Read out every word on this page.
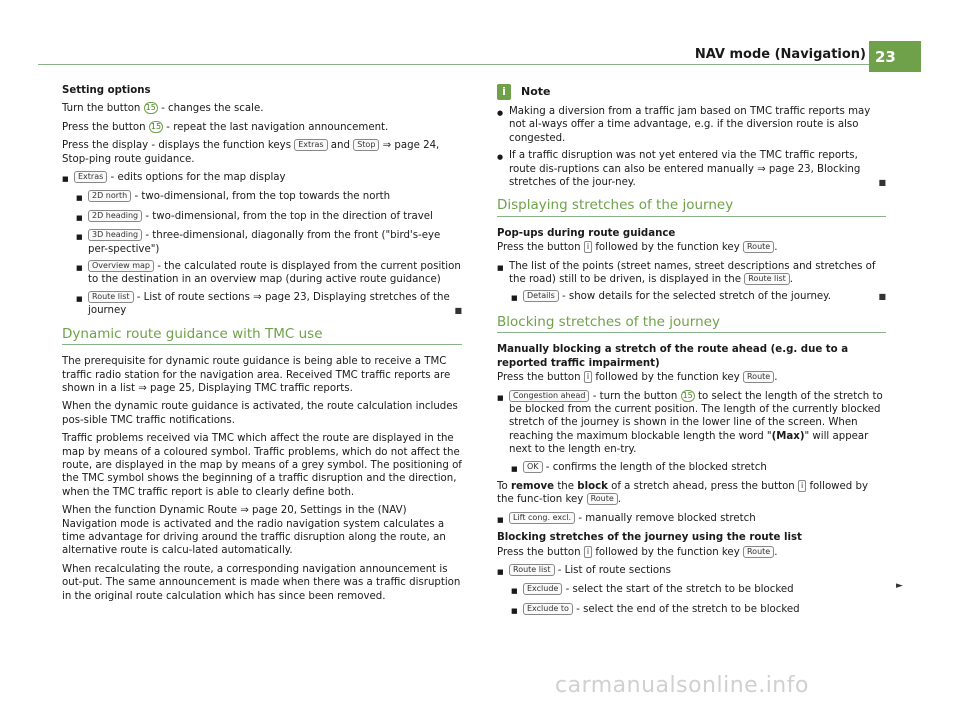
NAV mode (Navigation) 23

Setting options

Turn the button 15 - changes the scale.

Press the button 15 - repeat the last navigation announcement.

Press the display - displays the function keys Extras and Stop ⇒ page 24, Stop-ping route guidance.

■	Extras - edits options for the map display
■	2D north - two-dimensional, from the top towards the north
■	2D heading - two-dimensional, from the top in the direction of travel
■	3D heading - three-dimensional, diagonally from the front ("bird's-eye per-spective")
■	Overview map - the calculated route is displayed from the current position to the destination in an overview map (during active route guidance)
■	Route list - List of route sections ⇒ page 23, Displaying stretches of the journey	■
Dynamic route guidance with TMC use

The prerequisite for dynamic route guidance is being able to receive a TMC traffic radio station for the navigation area. Received TMC traffic reports are shown in a list ⇒ page 25, Displaying TMC traffic reports.

When the dynamic route guidance is activated, the route calculation includes pos-sible TMC traffic notifications.

Traffic problems received via TMC which affect the route are displayed in the map by means of a coloured symbol. Traffic problems, which do not affect the route, are displayed in the map by means of a grey symbol. The positioning of the TMC symbol shows the beginning of a traffic disruption and the direction, when the TMC traffic report is able to clearly define both.

When the function Dynamic Route ⇒ page 20, Settings in the (NAV) Navigation mode is activated and the radio navigation system calculates a time advantage for driving around the traffic disruption along the route, an alternative route is calcu-lated automatically.

When recalculating the route, a corresponding navigation announcement is out-put. The same announcement is made when there was a traffic disruption in the original route calculation which has since been removed.

i	Note
● Making a diversion from a traffic jam based on TMC traffic reports may not al-ways offer a time advantage, e.g. if the diversion route is also congested.
● If a traffic disruption was not yet entered via the TMC traffic reports, route dis-ruptions can also be entered manually ⇒ page 23, Blocking stretches of the jour-ney.	■
Displaying stretches of the journey

Pop-ups during route guidance

Press the button i followed by the function key Route .

■ The list of the points (street names, street descriptions and stretches of the road) still to be driven, is displayed in the Route list .
■	Details - show details for the selected stretch of the journey.	■
Blocking stretches of the journey

Manually blocking a stretch of the route ahead (e.g. due to a reported traffic impairment)

Press the button i followed by the function key Route .

■	Congestion ahead - turn the button 15 to select the length of the stretch to be blocked from the current position. The length of the currently blocked stretch of the journey is shown in the lower line of the screen. When reaching the maximum blockable length the word "(Max)" will appear next to the length en-try.
■	OK - confirms the length of the blocked stretch

To remove the block of a stretch ahead, press the button i followed by the func-tion key Route .

■	Lift cong. excl. - manually remove blocked stretch

Blocking stretches of the journey using the route list

Press the button i followed by the function key Route .

■	Route list - List of route sections
■	Exclude - select the start of the stretch to be blocked
■	Exclude to - select the end of the stretch to be blocked
►
carmanualsonline.info
